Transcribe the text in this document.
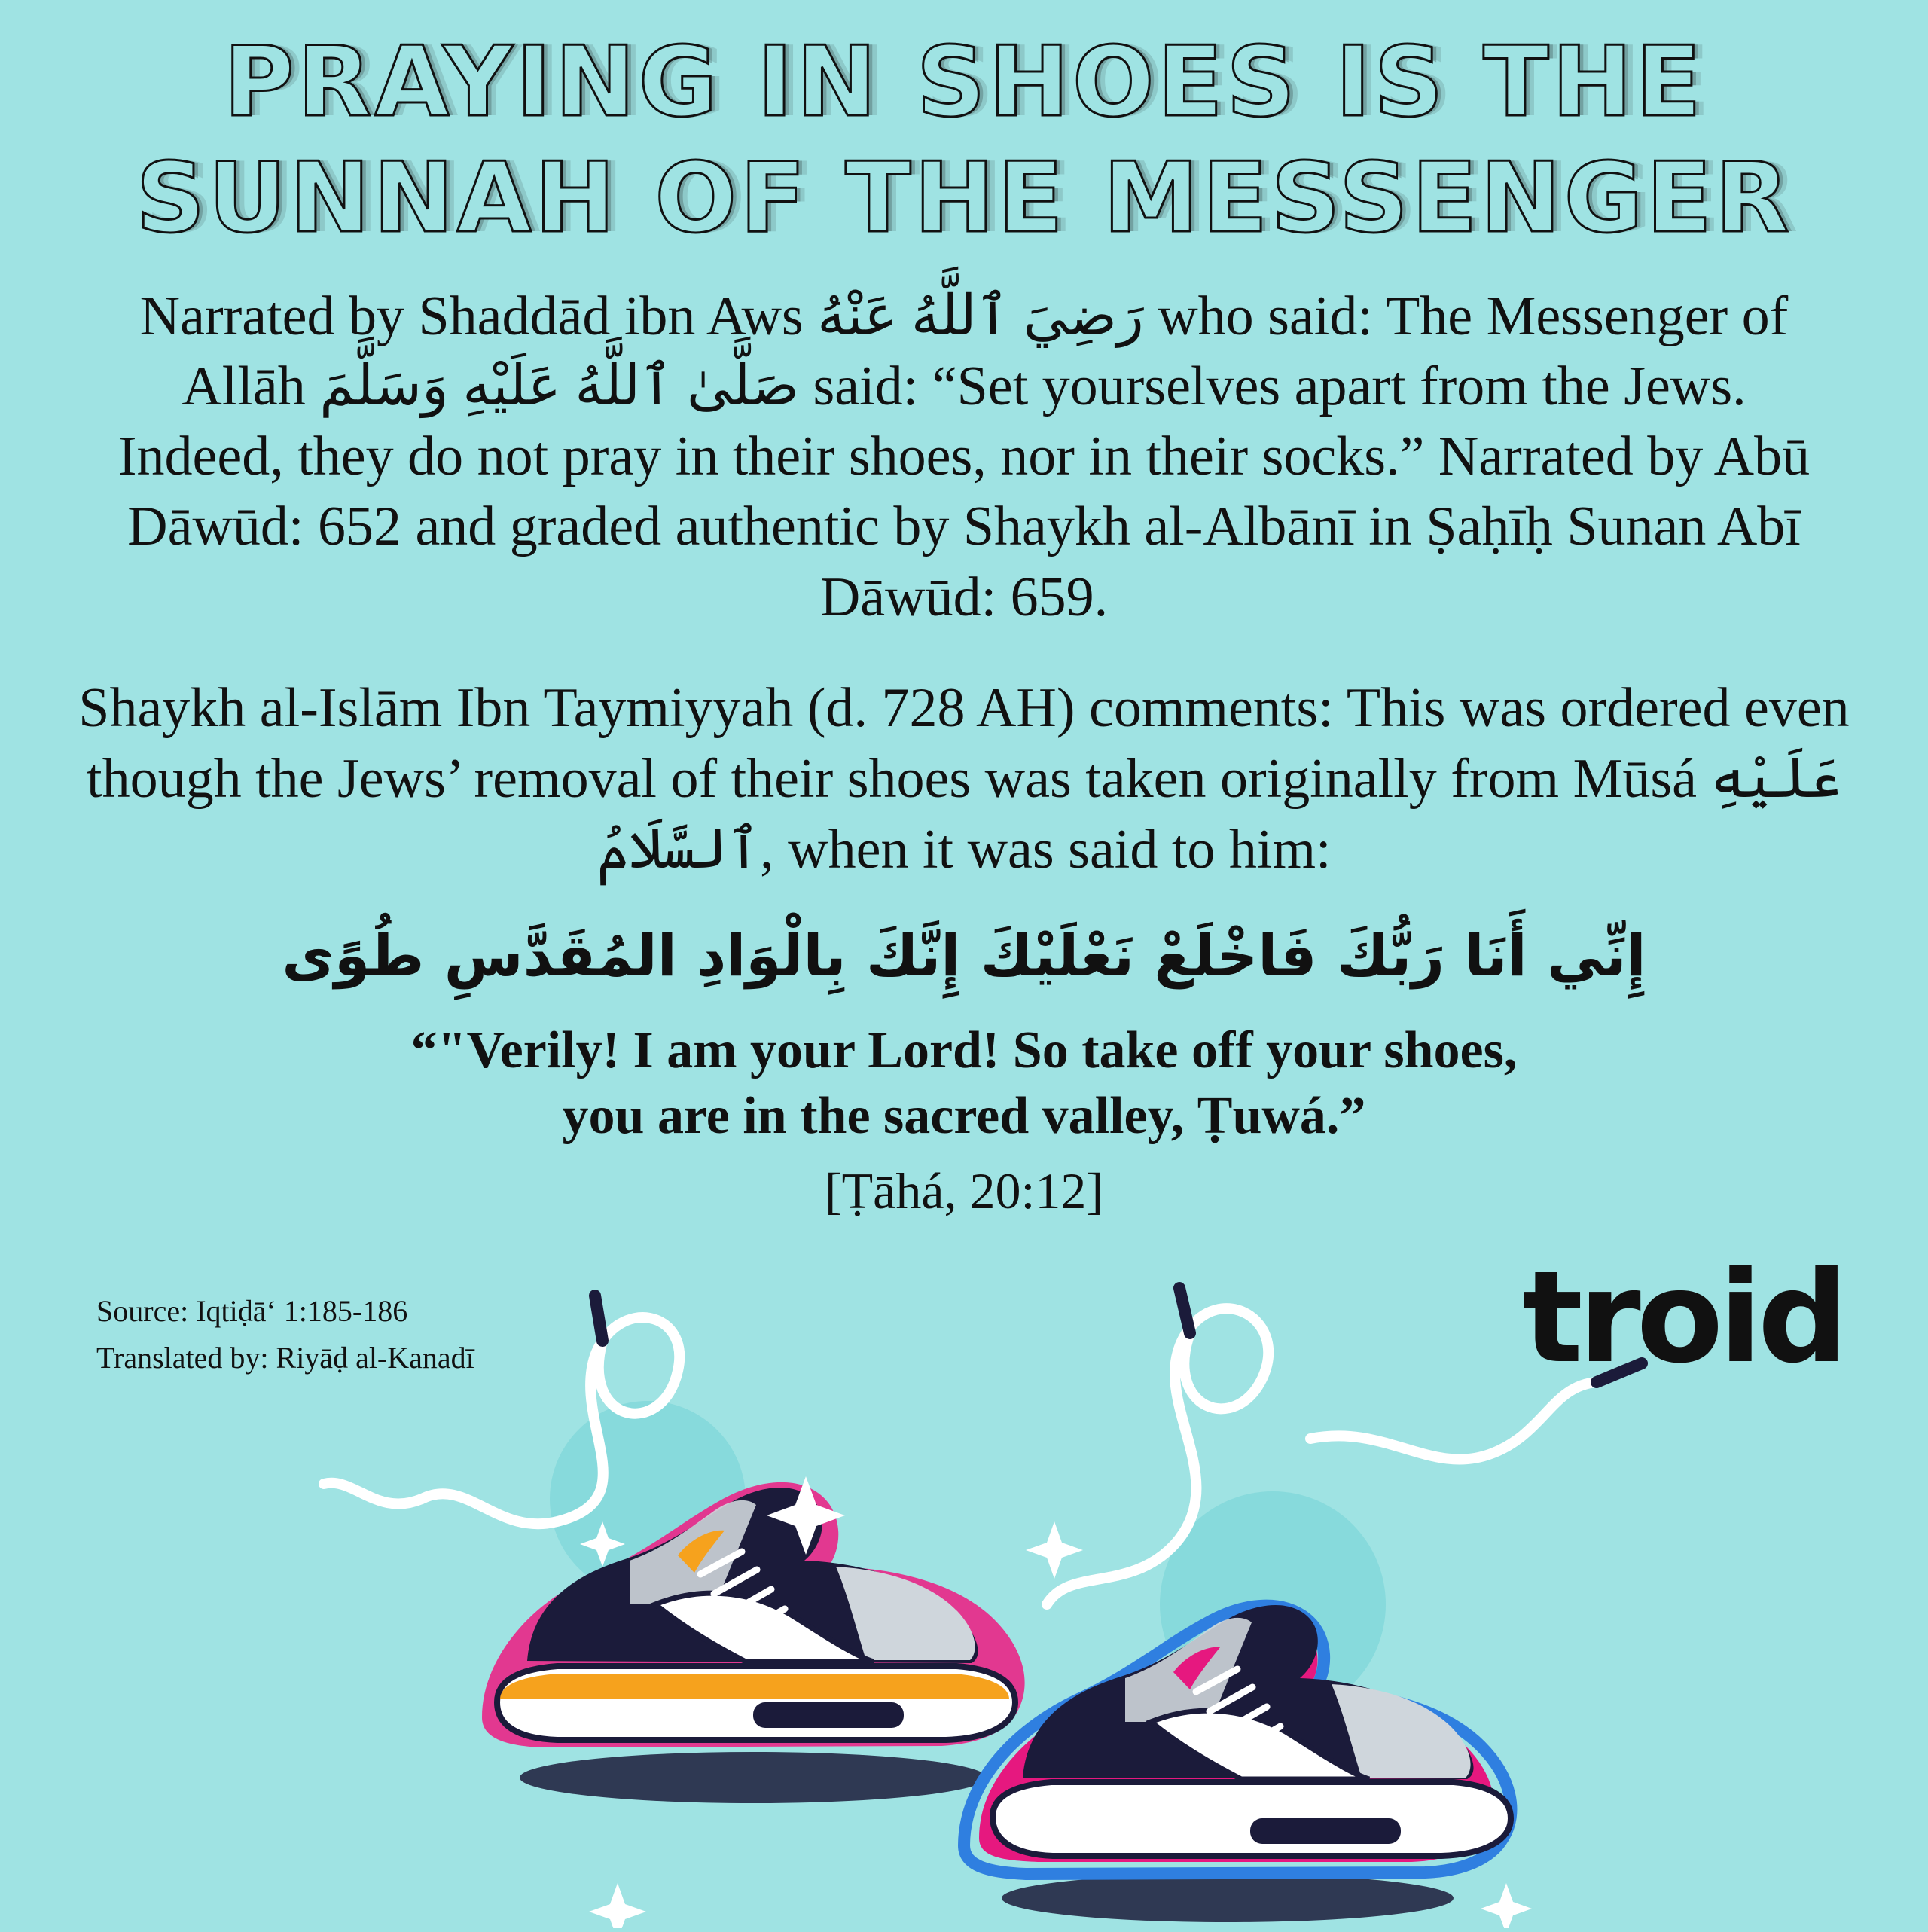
PRAYING IN SHOES IS THE
SUNNAH OF THE MESSENGER
Narrated by Shaddād ibn Aws رَضِيَ ٱللَّهُ عَنْهُ who said: The Messenger of Allāh صَلَّىٰ ٱللَّهُ عَلَيْهِ وَسَلَّمَ said: “Set yourselves apart from the Jews. Indeed, they do not pray in their shoes, nor in their socks.” Narrated by Abū Dāwūd: 652 and graded authentic by Shaykh al-Albānī in Ṣaḥīḥ Sunan Abī Dāwūd: 659.
Shaykh al-Islām Ibn Taymiyyah (d. 728 AH) comments: This was ordered even though the Jews’ removal of their shoes was taken originally from Mūsá عَلَيْهِ ٱلسَّلَامُ, when it was said to him:
إِنِّي أَنَا رَبُّكَ فَاخْلَعْ نَعْلَيْكَ إِنَّكَ بِالْوَادِ المُقَدَّسِ طُوًى
“"Verily! I am your Lord! So take off your shoes,
you are in the sacred valley, Ṭuwá.”
[Ṭāhá, 20:12]
Source: Iqtiḍāʻ 1:185-186
Translated by: Riyāḍ al-Kanadī	troid
